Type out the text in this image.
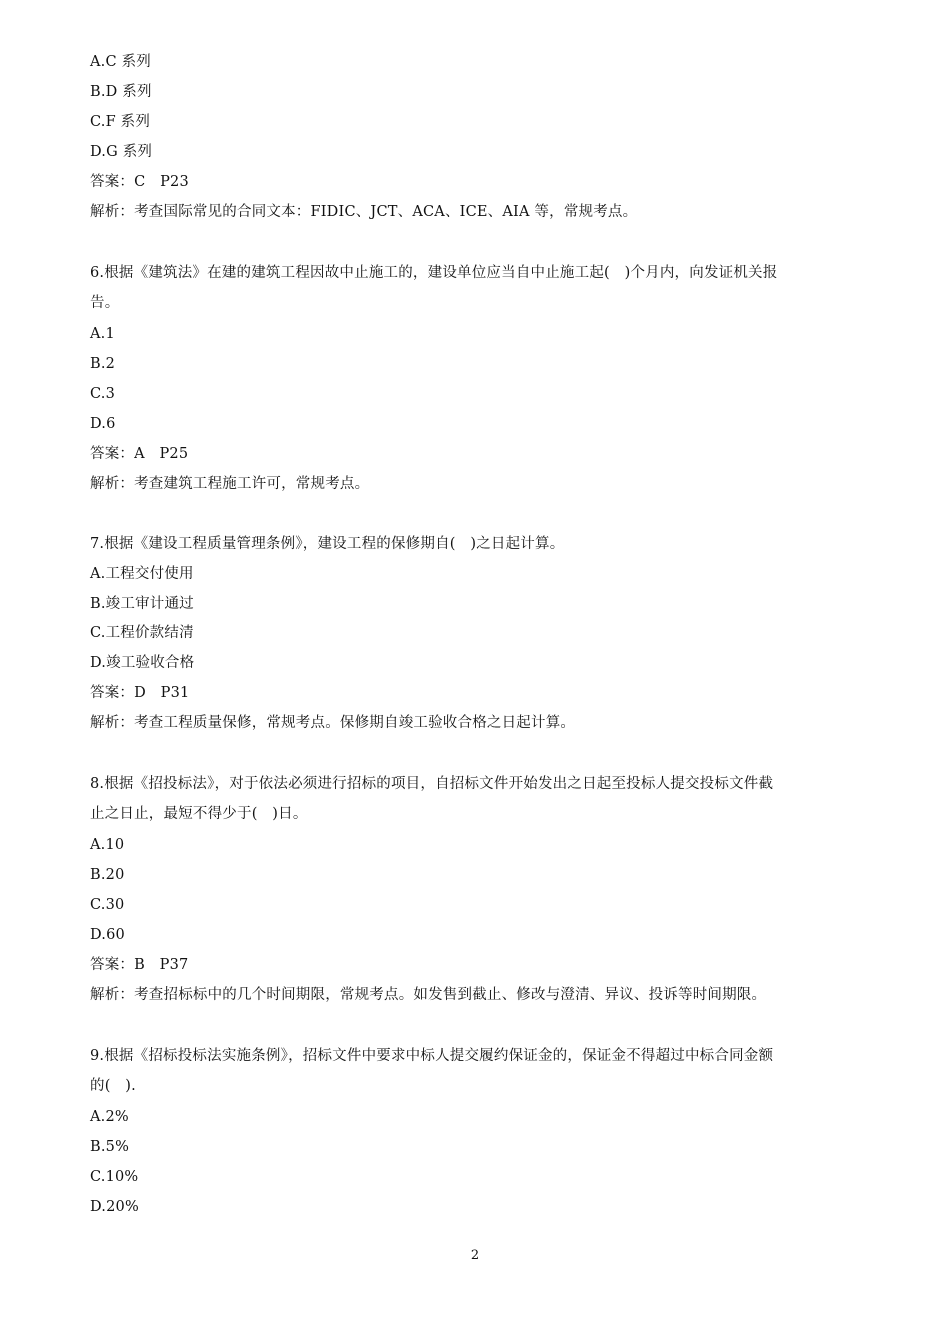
A.C 系列
B.D 系列
C.F 系列
D.G 系列
答案：C　P23
解析：考查国际常见的合同文本：FIDIC、JCT、ACA、ICE、AIA 等，常规考点。
6.根据《建筑法》在建的建筑工程因故中止施工的，建设单位应当自中止施工起(　)个月内，向发证机关报
告。
A.1
B.2
C.3
D.6
答案：A　P25
解析：考查建筑工程施工许可，常规考点。
7.根据《建设工程质量管理条例》，建设工程的保修期自(　)之日起计算。
A.工程交付使用
B.竣工审计通过
C.工程价款结清
D.竣工验收合格
答案：D　P31
解析：考查工程质量保修，常规考点。保修期自竣工验收合格之日起计算。
8.根据《招投标法》，对于依法必须进行招标的项目，自招标文件开始发出之日起至投标人提交投标文件截
止之日止，最短不得少于(　)日。
A.10
B.20
C.30
D.60
答案：B　P37
解析：考查招标标中的几个时间期限，常规考点。如发售到截止、修改与澄清、异议、投诉等时间期限。
9.根据《招标投标法实施条例》，招标文件中要求中标人提交履约保证金的，保证金不得超过中标合同金额
的(　).
A.2%
B.5%
C.10%
D.20%
2
